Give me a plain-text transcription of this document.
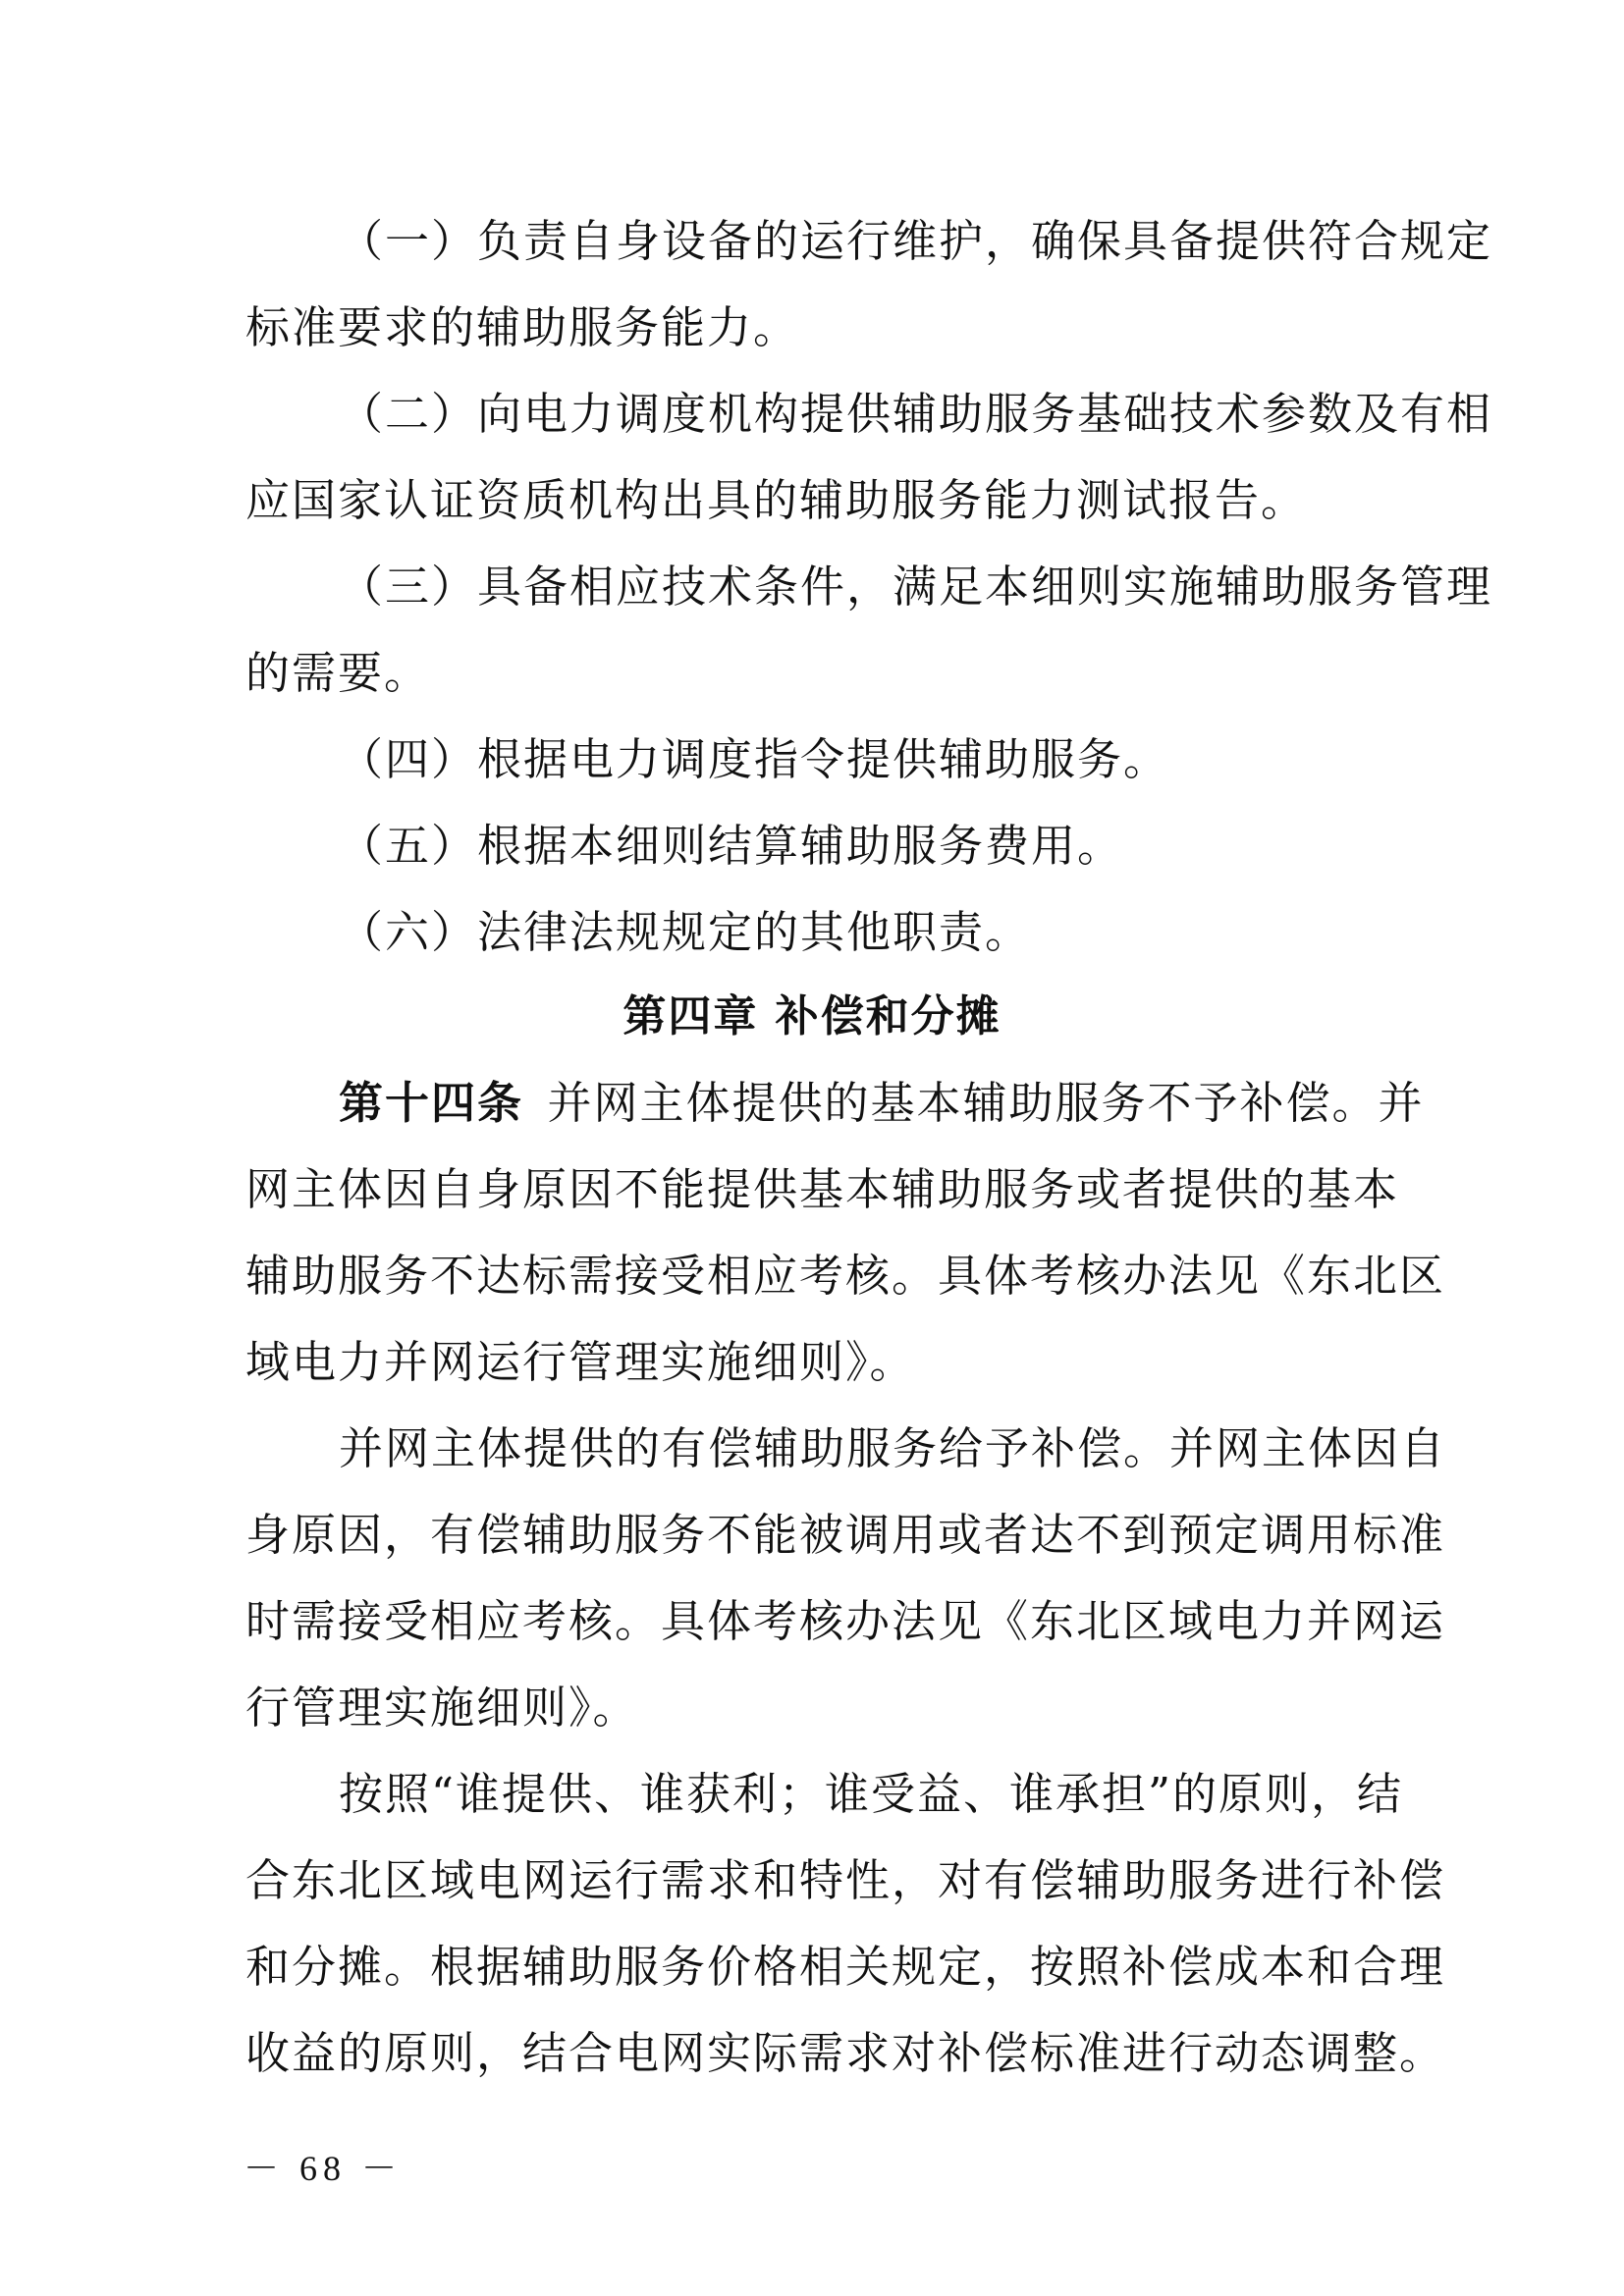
（一）负责自身设备的运行维护，确保具备提供符合规定
标准要求的辅助服务能力。
（二）向电力调度机构提供辅助服务基础技术参数及有相
应国家认证资质机构出具的辅助服务能力测试报告。
（三）具备相应技术条件，满足本细则实施辅助服务管理
的需要。
（四）根据电力调度指令提供辅助服务。
（五）根据本细则结算辅助服务费用。
（六）法律法规规定的其他职责。
第四章 补偿和分摊
第十四条  并网主体提供的基本辅助服务不予补偿。并
网主体因自身原因不能提供基本辅助服务或者提供的基本
辅助服务不达标需接受相应考核。具体考核办法见《东北区
域电力并网运行管理实施细则》。
并网主体提供的有偿辅助服务给予补偿。并网主体因自
身原因，有偿辅助服务不能被调用或者达不到预定调用标准
时需接受相应考核。具体考核办法见《东北区域电力并网运
行管理实施细则》。
按照“谁提供、谁获利；谁受益、谁承担”的原则，结
合东北区域电网运行需求和特性，对有偿辅助服务进行补偿
和分摊。根据辅助服务价格相关规定，按照补偿成本和合理
收益的原则，结合电网实际需求对补偿标准进行动态调整。
－ 68 －
